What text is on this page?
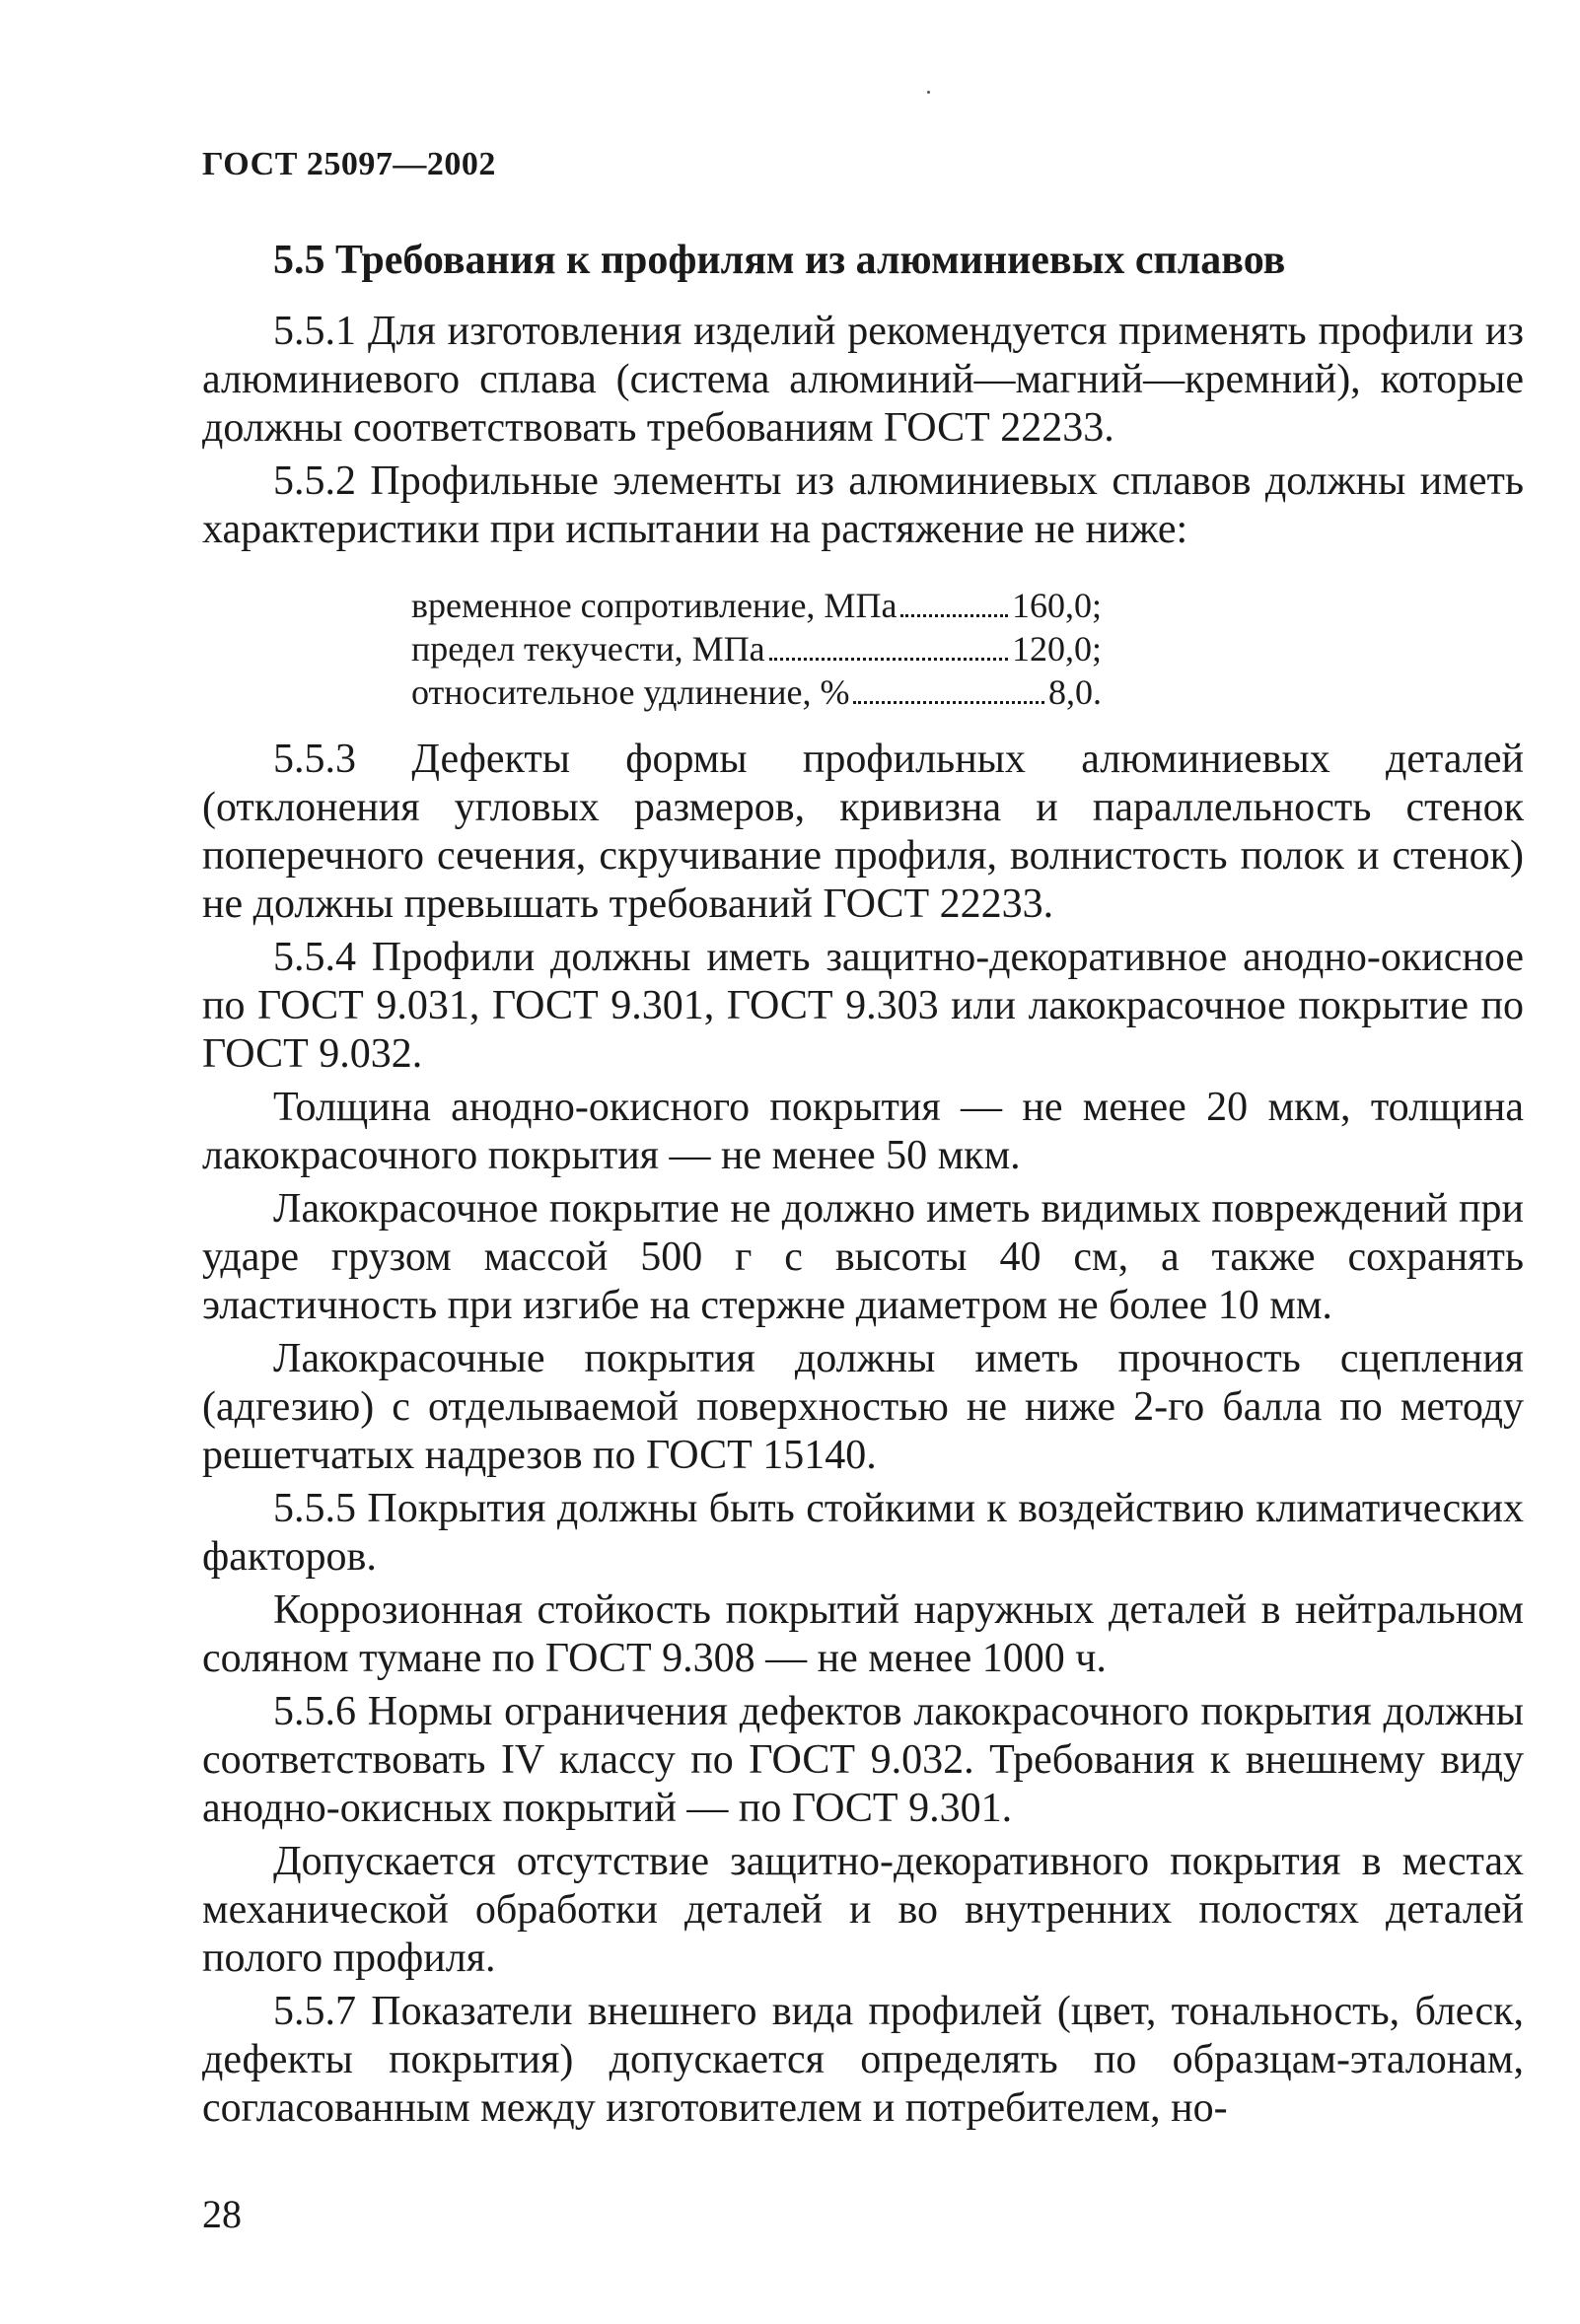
ГОСТ 25097—2002
5.5 Требования к профилям из алюминиевых сплавов

5.5.1 Для изготовления изделий рекомендуется применять профили из алюминиевого сплава (система алюминий—магний—кремний), которые должны соответствовать требованиям ГОСТ 22233.

5.5.2 Профильные элементы из алюминиевых сплавов должны иметь характеристики при испытании на растяжение не ниже:

временное сопротивление, МПа	160,0;
предел текучести, МПа	120,0;
относительное удлинение, %	8,0.

5.5.3 Дефекты формы профильных алюминиевых деталей (отклонения угловых размеров, кривизна и параллельность стенок поперечного сечения, скручивание профиля, волнистость полок и стенок) не должны превышать требований ГОСТ 22233.

5.5.4 Профили должны иметь защитно-декоративное анодно-окисное по ГОСТ 9.031, ГОСТ 9.301, ГОСТ 9.303 или лакокрасочное покрытие по ГОСТ 9.032.

Толщина анодно-окисного покрытия — не менее 20 мкм, толщина лакокрасочного покрытия — не менее 50 мкм.

Лакокрасочное покрытие не должно иметь видимых повреждений при ударе грузом массой 500 г с высоты 40 см, а также сохранять эластичность при изгибе на стержне диаметром не более 10 мм.

Лакокрасочные покрытия должны иметь прочность сцепления (адгезию) с отделываемой поверхностью не ниже 2-го балла по методу решетчатых надрезов по ГОСТ 15140.

5.5.5 Покрытия должны быть стойкими к воздействию климатических факторов.

Коррозионная стойкость покрытий наружных деталей в нейтральном соляном тумане по ГОСТ 9.308 — не менее 1000 ч.

5.5.6 Нормы ограничения дефектов лакокрасочного покрытия должны соответствовать IV классу по ГОСТ 9.032. Требования к внешнему виду анодно-окисных покрытий — по ГОСТ 9.301.

Допускается отсутствие защитно-декоративного покрытия в местах механической обработки деталей и во внутренних полостях деталей полого профиля.

5.5.7 Показатели внешнего вида профилей (цвет, тональность, блеск, дефекты покрытия) допускается определять по образцам-эталонам, согласованным между изготовителем и потребителем, но-

28
